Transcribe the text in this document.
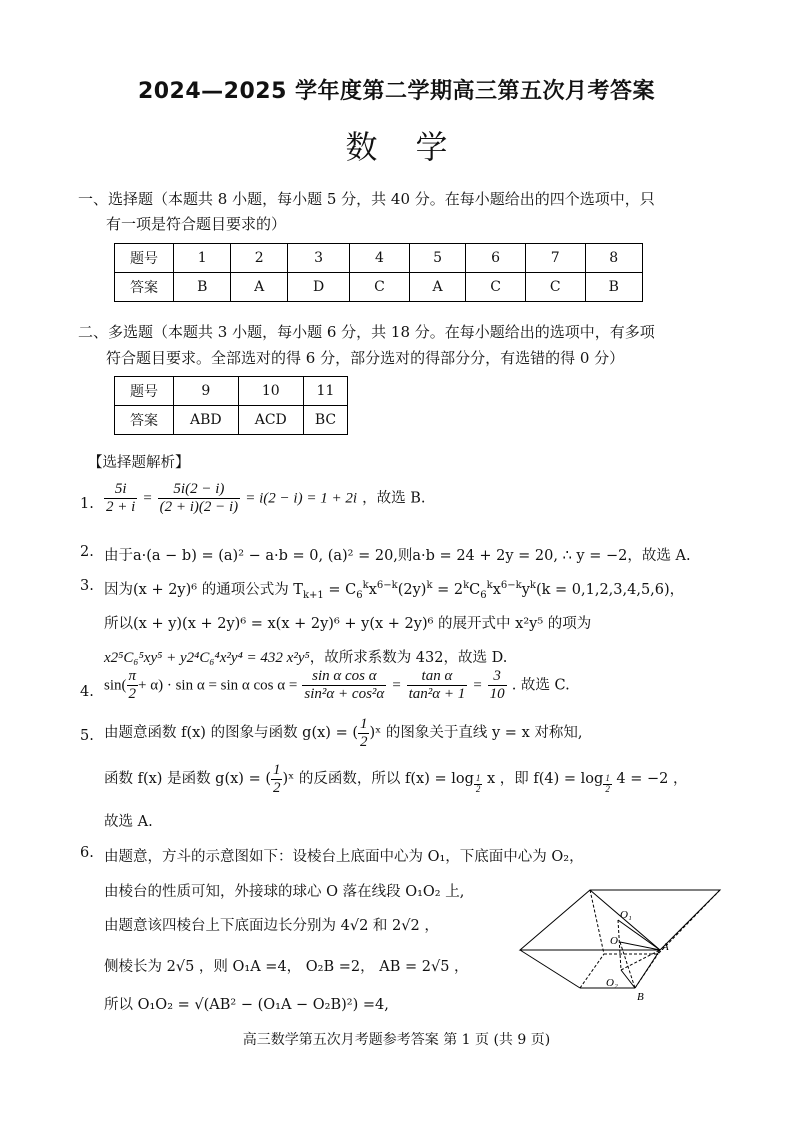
2024—2025 学年度第二学期高三第五次月考答案
数学
一、选择题（本题共 8 小题，每小题 5 分，共 40 分。在每小题给出的四个选项中，只
有一项是符合题目要求的）
题号	1	2	3	4	5	6	7	8
答案	B	A	D	C	A	C	C	B
二、多选题（本题共 3 小题，每小题 6 分，共 18 分。在每小题给出的选项中，有多项
符合题目要求。全部选对的得 6 分，部分选对的得部分分，有选错的得 0 分）
题号	9	10	11
答案	ABD	ACD	BC
【选择题解析】
1. $\frac{5i}{2 + i} = \frac{5i(2 - i)}{(2 + i)(2 - i)} = i(2 - i) = 1 + 2i$ ，故选 B.
2. 由于a·(a − b) = (a)² − a·b = 0, (a)² = 20,则a·b = 24 + 2y = 20, ∴ y = −2，故选 A.
3. 因为(x + 2y)⁶ 的通项公式为 $T_{k+1} = C_6^kx^{6-k}(2y)^k = 2^kC_6^kx^{6-k}y^k(k = 0,1,2,3,4,5,6)$，
所以(x + y)(x + 2y)⁶ = x(x + 2y)⁶ + y(x + 2y)⁶ 的展开式中 x²y⁵ 的项为
x2⁵C₆⁵xy⁵ + y2⁴C₆⁴x²y⁴ = 432 x²y⁵，故所求系数为 432，故选 D.
4. $\sin( \frac{\pi}{2} + \alpha) \cdot \sin \alpha = \sin \alpha$ $\cos \alpha = \frac{\text{sin α cos α}}{\text{sin²α + cos²α}} = \frac{\text{tan α}}{\text{tan²α + 1}} = \frac{3}{10}$ . 故选 C.
5. 由题意函数 f(x) 的图象与函数 g(x) = ( $\frac{1}{2}$ )ˣ 的图象关于直线 y = x 对称知,
函数 f(x) 是函数 g(x) = ( $\frac{1}{2}$ )ˣ 的反函数，所以 f(x) = log $_{\frac{1}{2}}$ x ，即 f(4) = log $_{\frac{1}{2}}$ 4 = −2 ，
故选 A.
6. 由题意，方斗的示意图如下：设棱台上底面中心为 O₁，下底面中心为 O₂，
由棱台的性质可知，外接球的球心 O 落在线段 O₁O₂ 上,
由题意该四棱台上下底面边长分别为 4√2 和 2√2 ，
侧棱长为 2√5 ，则 O₁A =4， O₂B =2， AB = 2√5 ，
所以 O₁O₂ = √(AB² − (O₁A − O₂B)²) =4,
O₁
O	A
O₂
B
高三数学第五次月考题参考答案 第 1 页 (共 9 页)
